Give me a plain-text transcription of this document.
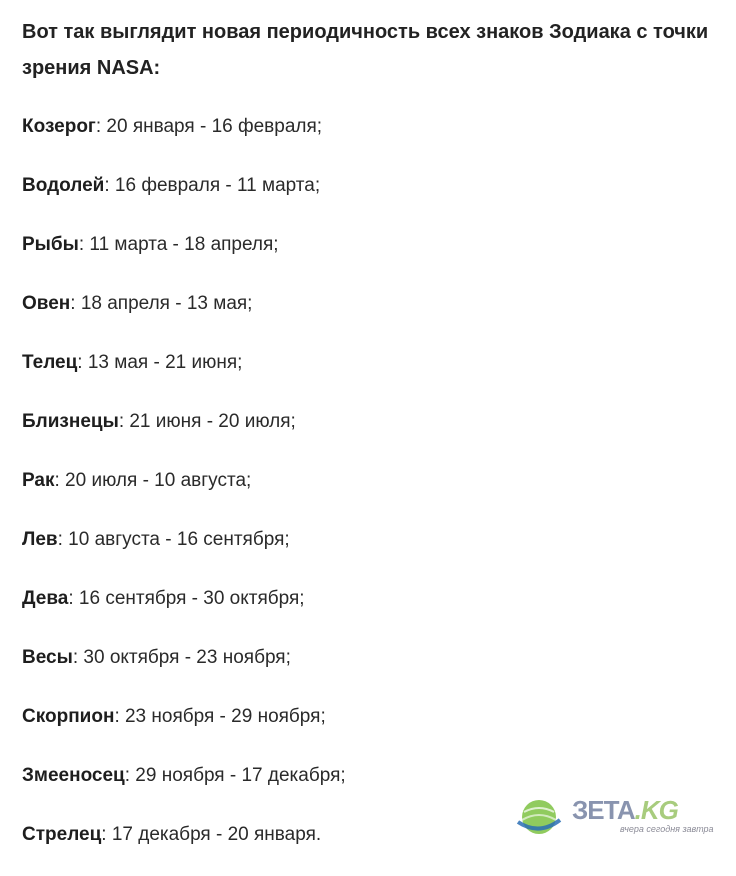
Вот так выглядит новая периодичность всех знаков Зодиака с точки зрения NASA:

Козерог: 20 января - 16 февраля;
Водолей: 16 февраля - 11 марта;
Рыбы: 11 марта - 18 апреля;
Овен: 18 апреля - 13 мая;
Телец: 13 мая - 21 июня;
Близнецы: 21 июня - 20 июля;
Рак: 20 июля - 10 августа;
Лев: 10 августа - 16 сентября;
Дева: 16 сентября - 30 октября;
Весы: 30 октября - 23 ноября;
Скорпион: 23 ноября - 29 ноября;
Змееносец: 29 ноября - 17 декабря;
Стрелец: 17 декабря - 20 января.
ЗЕТА.KG
вчера сегодня завтра
